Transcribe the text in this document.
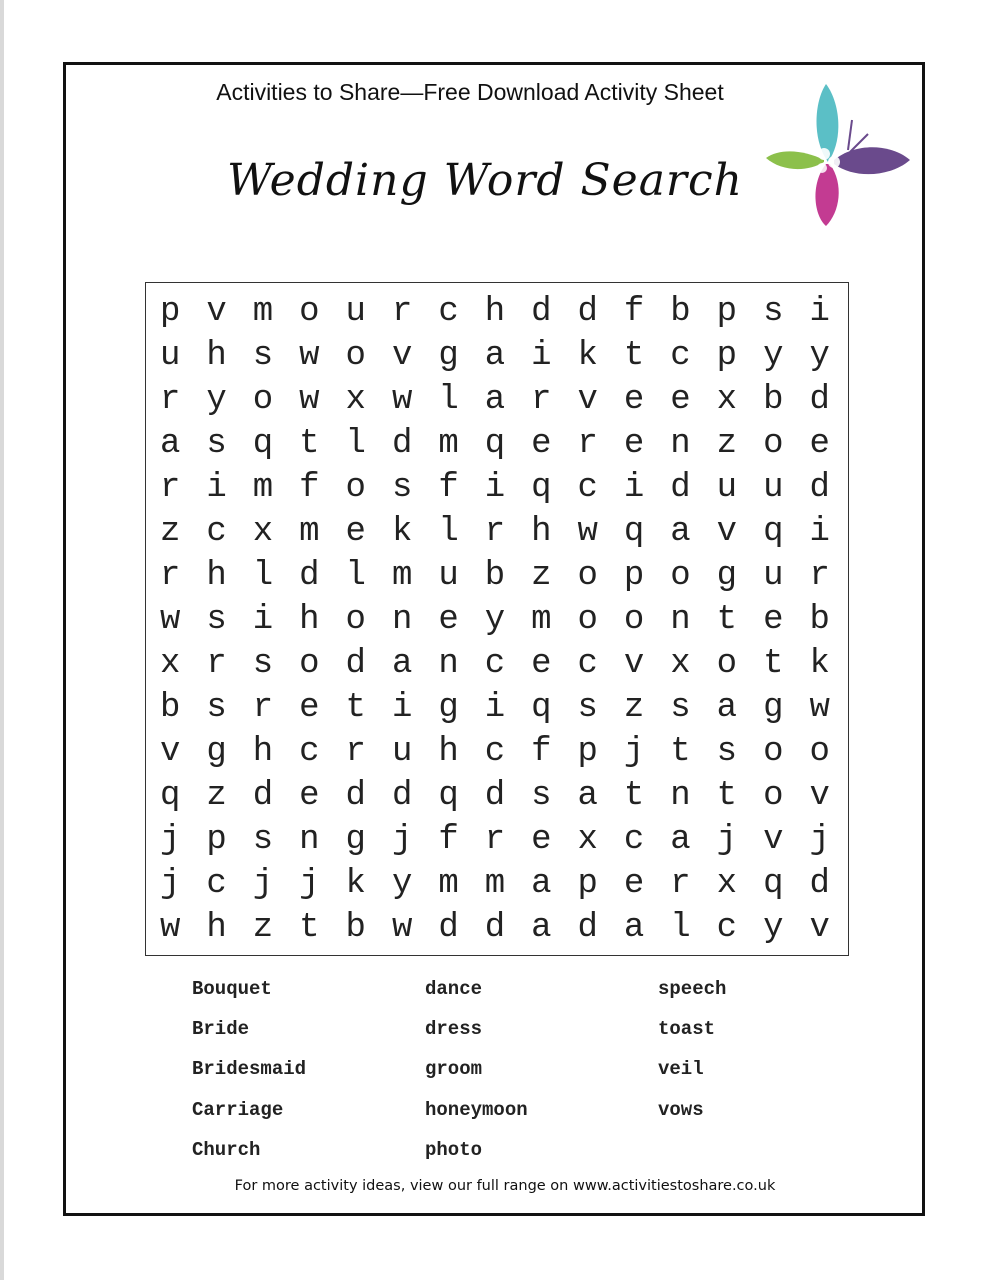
Activities to Share—Free Download Activity Sheet
Wedding Word Search
p v m o u r c h d d f b p s i
u h s w o v g a i k t c p y y
r y o w x w l a r v e e x b d
a s q t l d m q e r e n z o e
r i m f o s f i q c i d u u d
z c x m e k l r h w q a v q i
r h l d l m u b z o p o g u r
w s i h o n e y m o o n t e b
x r s o d a n c e c v x o t k
b s r e t i g i q s z s a g w
v g h c r u h c f p j t s o o
q z d e d d q d s a t n t o v
j p s n g j f r e x c a j v j
j c j j k y m m a p e r x q d
w h z t b w d d a d a l c y v
Bouquet
Bride
Bridesmaid
Carriage
Church
dance
dress
groom
honeymoon
photo
speech
toast
veil
vows
For more activity ideas, view our full range on www.activitiestoshare.co.uk
